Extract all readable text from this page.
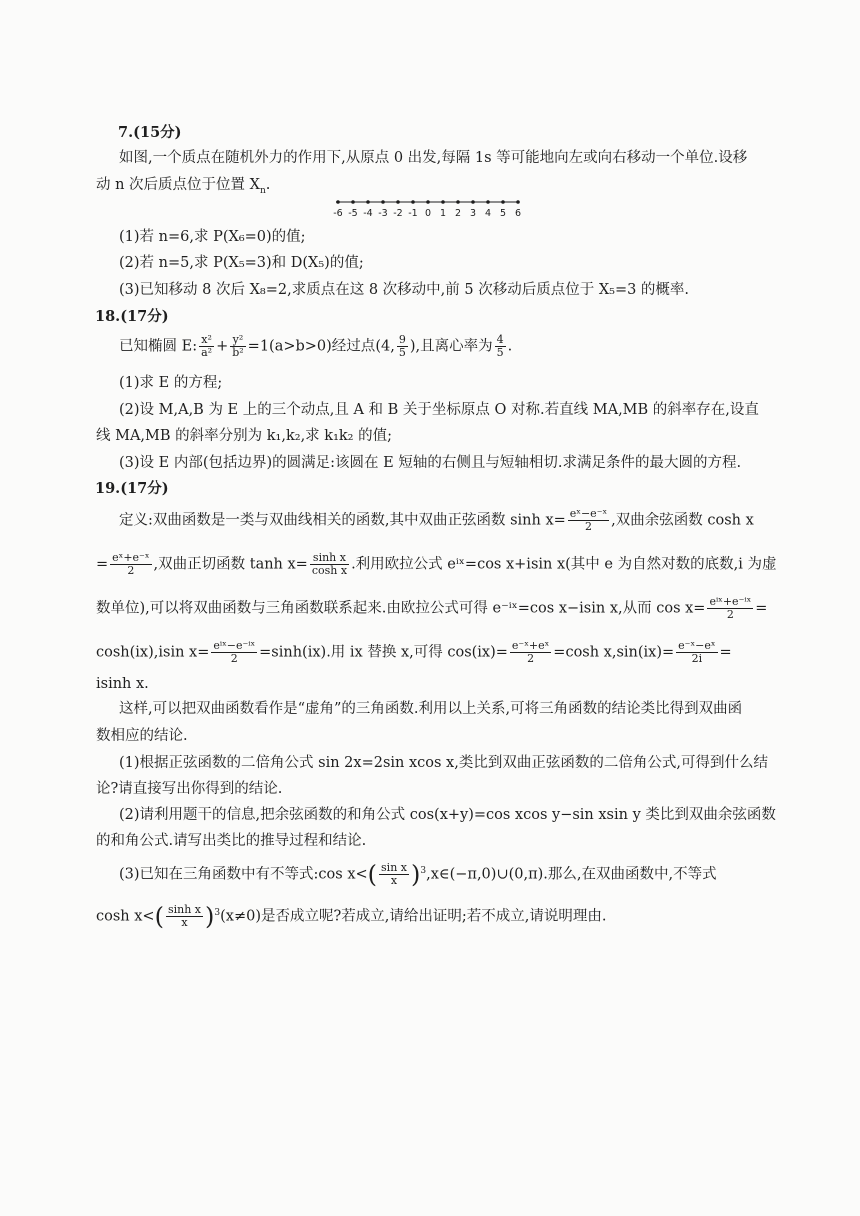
7.(15分)
如图,一个质点在随机外力的作用下,从原点 0 出发,每隔 1s 等可能地向左或向右移动一个单位.设移
动 n 次后质点位于位置 $X_n$.
-6 -5 -4 -3 -2 -1 0 1 2 3 4 5 6
(1)若 n=6,求 P(X₆=0)的值;
(2)若 n=5,求 P(X₅=3)和 D(X₅)的值;
(3)已知移动 8 次后 X₈=2,求质点在这 8 次移动中,前 5 次移动后质点位于 X₅=3 的概率.
18.(17分)
已知椭圆 E: $\frac{\text{x²}}{\text{a²}} + \frac{\text{y²}}{\text{b²}} =1(a>b>0)$经过点(4, $\frac{9}{5}$ ),且离心率为 $\frac{4}{5}$ .
(1)求 E 的方程;
(2)设 M,A,B 为 E 上的三个动点,且 A 和 B 关于坐标原点 O 对称.若直线 MA,MB 的斜率存在,设直
线 MA,MB 的斜率分别为 k₁,k₂,求 k₁k₂ 的值;
(3)设 E 内部(包括边界)的圆满足:该圆在 E 短轴的右侧且与短轴相切.求满足条件的最大圆的方程.
19.(17分)
定义:双曲函数是一类与双曲线相关的函数,其中双曲正弦函数 $\sinh x= \frac{\text{eˣ−e⁻ˣ}}{2}$ ,双曲余弦函数 cosh x
= $\frac{\text{eˣ+e⁻ˣ}}{2}$ ,双曲正切函数 $\tanh x= \frac{\text{sinh x}}{\text{cosh x}}$ .利用欧拉公式 eⁱˣ=cos x+isin x(其中 e 为自然对数的底数,i 为虚
数单位),可以将双曲函数与三角函数联系起来.由欧拉公式可得 e⁻ⁱˣ=cos x−isin x,从而 $\cos x= \frac{\text{eⁱˣ+e⁻ⁱˣ}}{2}$ =
cosh(ix),isin $x= \frac{\text{eⁱˣ−e⁻ⁱˣ}}{2} =\sinh(ix)$.用 ix 替换 x,可得 $\cos(ix)= \frac{\text{e⁻ˣ+eˣ}}{2} =\cosh$ $x,\sin(ix)= \frac{\text{e⁻ˣ−eˣ}}{2i}$ =
isinh x.
这样,可以把双曲函数看作是“虚角”的三角函数.利用以上关系,可将三角函数的结论类比得到双曲函
数相应的结论.
(1)根据正弦函数的二倍角公式 sin 2x=2sin xcos x,类比到双曲正弦函数的二倍角公式,可得到什么结
论?请直接写出你得到的结论.
(2)请利用题干的信息,把余弦函数的和角公式 cos(x+y)=cos xcos y−sin xsin y 类比到双曲余弦函数
的和角公式.请写出类比的推导过程和结论.
(3)已知在三角函数中有不等式:cos $x<( \frac{\text{sin x}}{x}$ )$^3,x\in(-\pi,0)\cup(0,\pi)$.那么,在双曲函数中,不等式
$\cosh x<( \frac{\text{sinh x}}{x} )^3(x\ne 0)$是否成立呢?若成立,请给出证明;若不成立,请说明理由.
